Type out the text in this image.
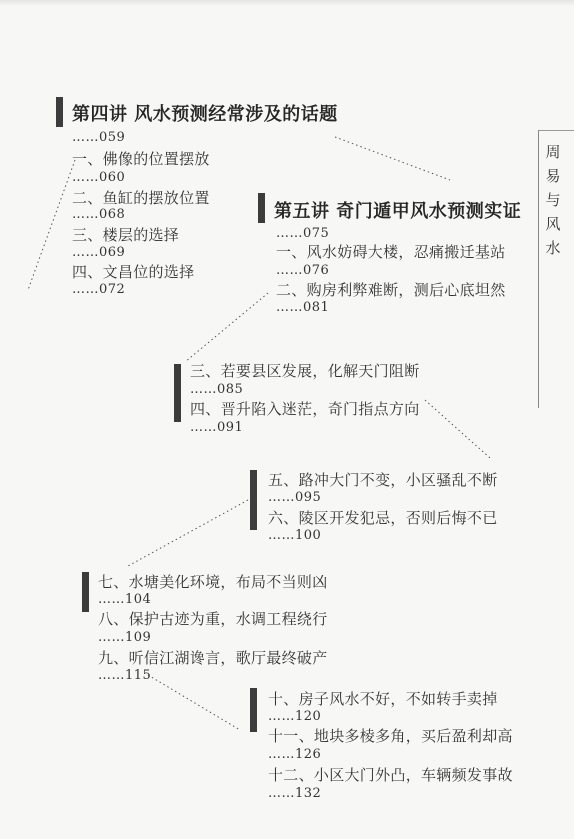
第四讲 风水预测经常涉及的话题
……059
一、佛像的位置摆放
……060
二、鱼缸的摆放位置
……068
三、楼层的选择
……069
四、文昌位的选择
……072
第五讲 奇门遁甲风水预测实证
……075
一、风水妨碍大楼，忍痛搬迁基站
……076
二、购房利弊难断，测后心底坦然
……081
三、若要县区发展，化解天门阻断
……085
四、晋升陷入迷茫，奇门指点方向
……091
五、路冲大门不变，小区骚乱不断
……095
六、陵区开发犯忌，否则后悔不已
……100
七、水塘美化环境，布局不当则凶
……104
八、保护古迹为重，水调工程绕行
……109
九、听信江湖谗言，歌厅最终破产
……115
十、房子风水不好，不如转手卖掉
……120
十一、地块多棱多角，买后盈利却高
……126
十二、小区大门外凸，车辆频发事故
……132
周
易
与
风
水
